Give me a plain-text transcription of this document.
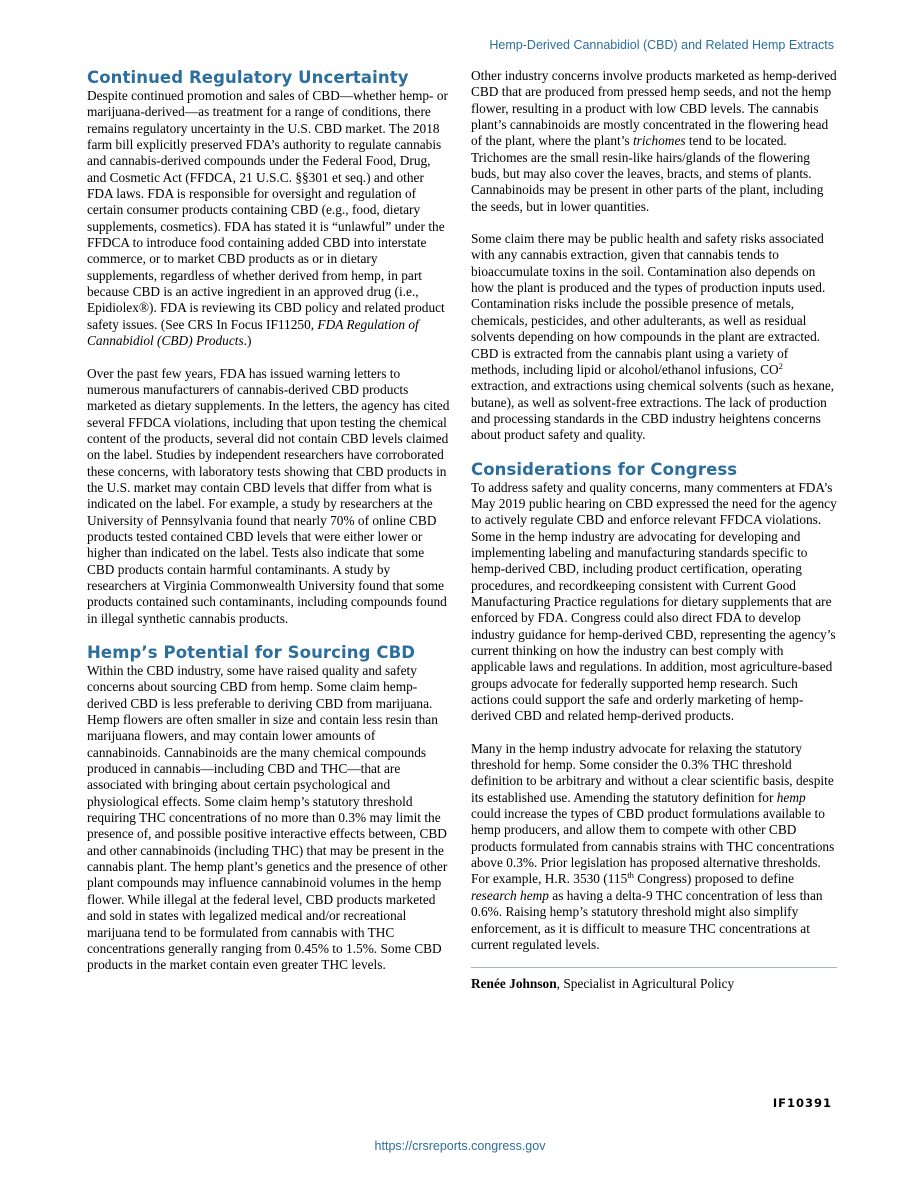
Hemp-Derived Cannabidiol (CBD) and Related Hemp Extracts
Continued Regulatory Uncertainty

Despite continued promotion and sales of CBD—whether hemp- or marijuana-derived—as treatment for a range of conditions, there remains regulatory uncertainty in the U.S. CBD market. The 2018 farm bill explicitly preserved FDA’s authority to regulate cannabis and cannabis-derived compounds under the Federal Food, Drug, and Cosmetic Act (FFDCA, 21 U.S.C. §§301 et seq.) and other FDA laws. FDA is responsible for oversight and regulation of certain consumer products containing CBD (e.g., food, dietary supplements, cosmetics). FDA has stated it is “unlawful” under the FFDCA to introduce food containing added CBD into interstate commerce, or to market CBD products as or in dietary supplements, regardless of whether derived from hemp, in part because CBD is an active ingredient in an approved drug (i.e., Epidiolex®). FDA is reviewing its CBD policy and related product safety issues. (See CRS In Focus IF11250, FDA Regulation of Cannabidiol (CBD) Products.)

Over the past few years, FDA has issued warning letters to numerous manufacturers of cannabis-derived CBD products marketed as dietary supplements. In the letters, the agency has cited several FFDCA violations, including that upon testing the chemical content of the products, several did not contain CBD levels claimed on the label. Studies by independent researchers have corroborated these concerns, with laboratory tests showing that CBD products in the U.S. market may contain CBD levels that differ from what is indicated on the label. For example, a study by researchers at the University of Pennsylvania found that nearly 70% of online CBD products tested contained CBD levels that were either lower or higher than indicated on the label. Tests also indicate that some CBD products contain harmful contaminants. A study by researchers at Virginia Commonwealth University found that some products contained such contaminants, including compounds found in illegal synthetic cannabis products.

Hemp’s Potential for Sourcing CBD

Within the CBD industry, some have raised quality and safety concerns about sourcing CBD from hemp. Some claim hemp-derived CBD is less preferable to deriving CBD from marijuana. Hemp flowers are often smaller in size and contain less resin than marijuana flowers, and may contain lower amounts of cannabinoids. Cannabinoids are the many chemical compounds produced in cannabis—including CBD and THC—that are associated with bringing about certain psychological and physiological effects. Some claim hemp’s statutory threshold requiring THC concentrations of no more than 0.3% may limit the presence of, and possible positive interactive effects between, CBD and other cannabinoids (including THC) that may be present in the cannabis plant. The hemp plant’s genetics and the presence of other plant compounds may influence cannabinoid volumes in the hemp flower. While illegal at the federal level, CBD products marketed and sold in states with legalized medical and/or recreational marijuana tend to be formulated from cannabis with THC concentrations generally ranging from 0.45% to 1.5%. Some CBD products in the market contain even greater THC levels.

Other industry concerns involve products marketed as hemp-derived CBD that are produced from pressed hemp seeds, and not the hemp flower, resulting in a product with low CBD levels. The cannabis plant’s cannabinoids are mostly concentrated in the flowering head of the plant, where the plant’s trichomes tend to be located. Trichomes are the small resin-like hairs/glands of the flowering buds, but may also cover the leaves, bracts, and stems of plants. Cannabinoids may be present in other parts of the plant, including the seeds, but in lower quantities.

Some claim there may be public health and safety risks associated with any cannabis extraction, given that cannabis tends to bioaccumulate toxins in the soil. Contamination also depends on how the plant is produced and the types of production inputs used. Contamination risks include the possible presence of metals, chemicals, pesticides, and other adulterants, as well as residual solvents depending on how compounds in the plant are extracted. CBD is extracted from the cannabis plant using a variety of methods, including lipid or alcohol/ethanol infusions, $CO^2$ extraction, and extractions using chemical solvents (such as hexane, butane), as well as solvent-free extractions. The lack of production and processing standards in the CBD industry heightens concerns about product safety and quality.

Considerations for Congress

To address safety and quality concerns, many commenters at FDA’s May 2019 public hearing on CBD expressed the need for the agency to actively regulate CBD and enforce relevant FFDCA violations. Some in the hemp industry are advocating for developing and implementing labeling and manufacturing standards specific to hemp-derived CBD, including product certification, operating procedures, and recordkeeping consistent with Current Good Manufacturing Practice regulations for dietary supplements that are enforced by FDA. Congress could also direct FDA to develop industry guidance for hemp-derived CBD, representing the agency’s current thinking on how the industry can best comply with applicable laws and regulations. In addition, most agriculture-based groups advocate for federally supported hemp research. Such actions could support the safe and orderly marketing of hemp-derived CBD and related hemp-derived products.

Many in the hemp industry advocate for relaxing the statutory threshold for hemp. Some consider the 0.3% THC threshold definition to be arbitrary and without a clear scientific basis, despite its established use. Amending the statutory definition for hemp could increase the types of CBD product formulations available to hemp producers, and allow them to compete with other CBD products formulated from cannabis strains with THC concentrations above 0.3%. Prior legislation has proposed alternative thresholds. For example, H.R. 3530 (115th Congress) proposed to define research hemp as having a delta-9 THC concentration of less than 0.6%. Raising hemp’s statutory threshold might also simplify enforcement, as it is difficult to measure THC concentrations at current regulated levels.

Renée Johnson, Specialist in Agricultural Policy

IF10391
https://crsreports.congress.gov
